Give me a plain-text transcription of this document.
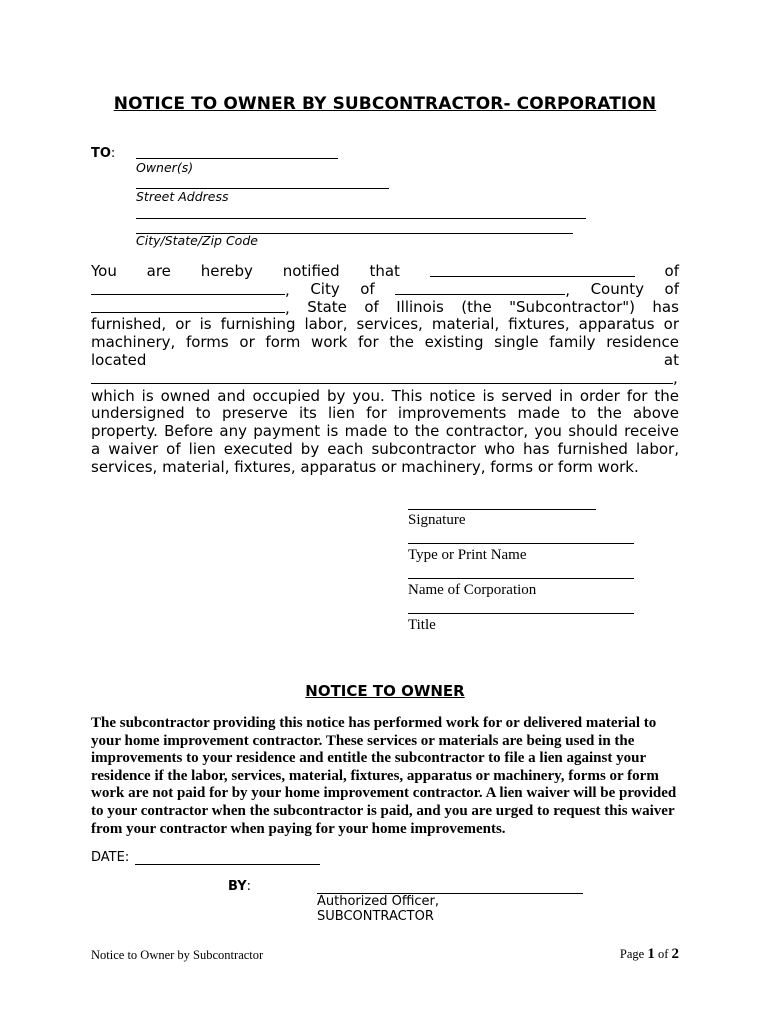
NOTICE TO OWNER BY SUBCONTRACTOR- CORPORATION
TO:
Owner(s)
Street Address
City/State/Zip Code
You are hereby notified that	of
, City of	, County of
, State of Illinois (the "Subcontractor") has
furnished, or is furnishing labor, services, material, fixtures, apparatus or
machinery, forms or form work for the existing single family residence
located	at
,
which is owned and occupied by you. This notice is served in order for the
undersigned to preserve its lien for improvements made to the above
property. Before any payment is made to the contractor, you should receive
a waiver of lien executed by each subcontractor who has furnished labor,
services, material, fixtures, apparatus or machinery, forms or form work.
Signature
Type or Print Name
Name of Corporation
Title
NOTICE TO OWNER
The subcontractor providing this notice has performed work for or delivered material to your home improvement contractor. These services or materials are being used in the improvements to your residence and entitle the subcontractor to file a lien against your residence if the labor, services, material, fixtures, apparatus or machinery, forms or form work are not paid for by your home improvement contractor. A lien waiver will be provided to your contractor when the subcontractor is paid, and you are urged to request this waiver from your contractor when paying for your home improvements.
DATE:
BY:
Authorized Officer,
SUBCONTRACTOR
Notice to Owner by Subcontractor	Page 1 of 2
